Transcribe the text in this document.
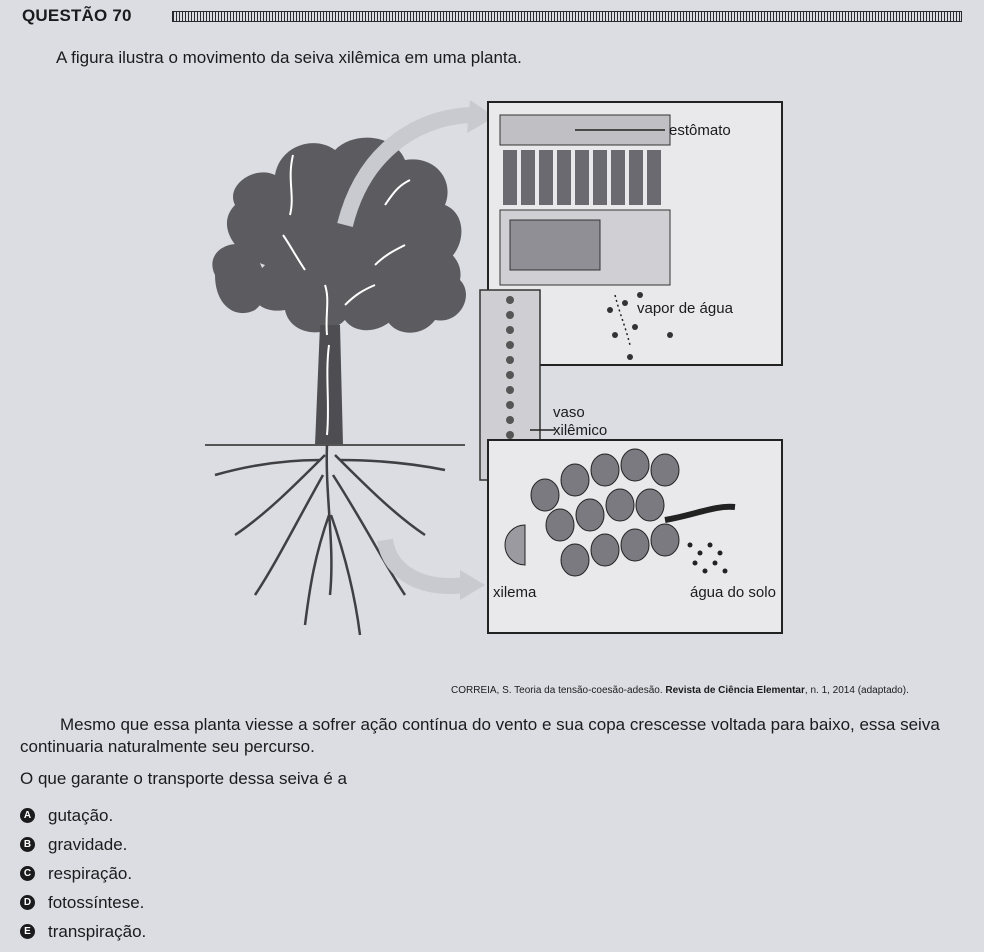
QUESTÃO 70
A figura ilustra o movimento da seiva xilêmica em uma planta.
estômato
vapor de água
vaso
xilêmico
xilema	água do solo
CORREIA, S. Teoria da tensão-coesão-adesão. Revista de Ciência Elementar, n. 1, 2014 (adaptado).
Mesmo que essa planta viesse a sofrer ação contínua do vento e sua copa crescesse voltada para baixo, essa seiva continuaria naturalmente seu percurso.
O que garante o transporte dessa seiva é a
A gutação.
B gravidade.
C respiração.
D fotossíntese.
E transpiração.
